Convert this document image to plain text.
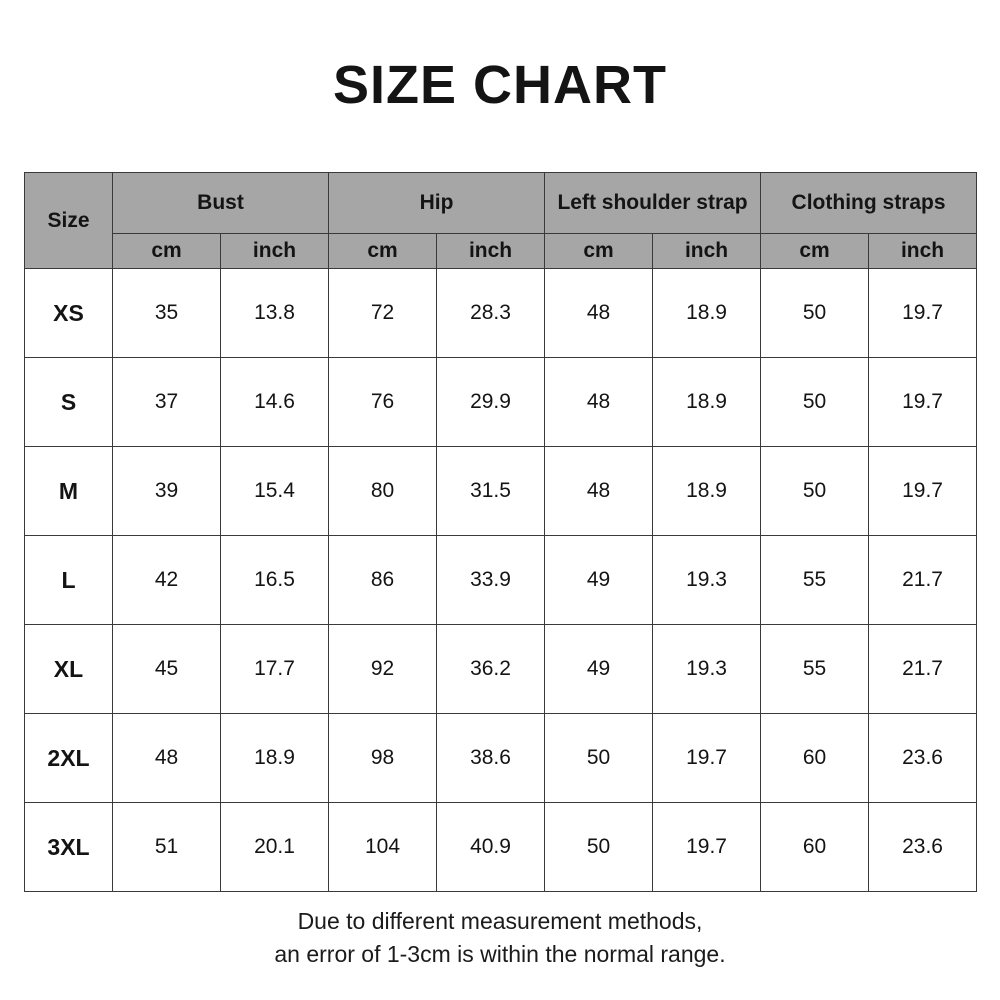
SIZE CHART
Size	Bust		Hip		Left shoulder strap		Clothing straps	
	cm	inch	cm	inch	cm	inch	cm	inch
XS	35	13.8	72	28.3	48	18.9	50	19.7
S	37	14.6	76	29.9	48	18.9	50	19.7
M	39	15.4	80	31.5	48	18.9	50	19.7
L	42	16.5	86	33.9	49	19.3	55	21.7
XL	45	17.7	92	36.2	49	19.3	55	21.7
2XL	48	18.9	98	38.6	50	19.7	60	23.6
3XL	51	20.1	104	40.9	50	19.7	60	23.6
Due to different measurement methods,
an error of 1-3cm is within the normal range.
